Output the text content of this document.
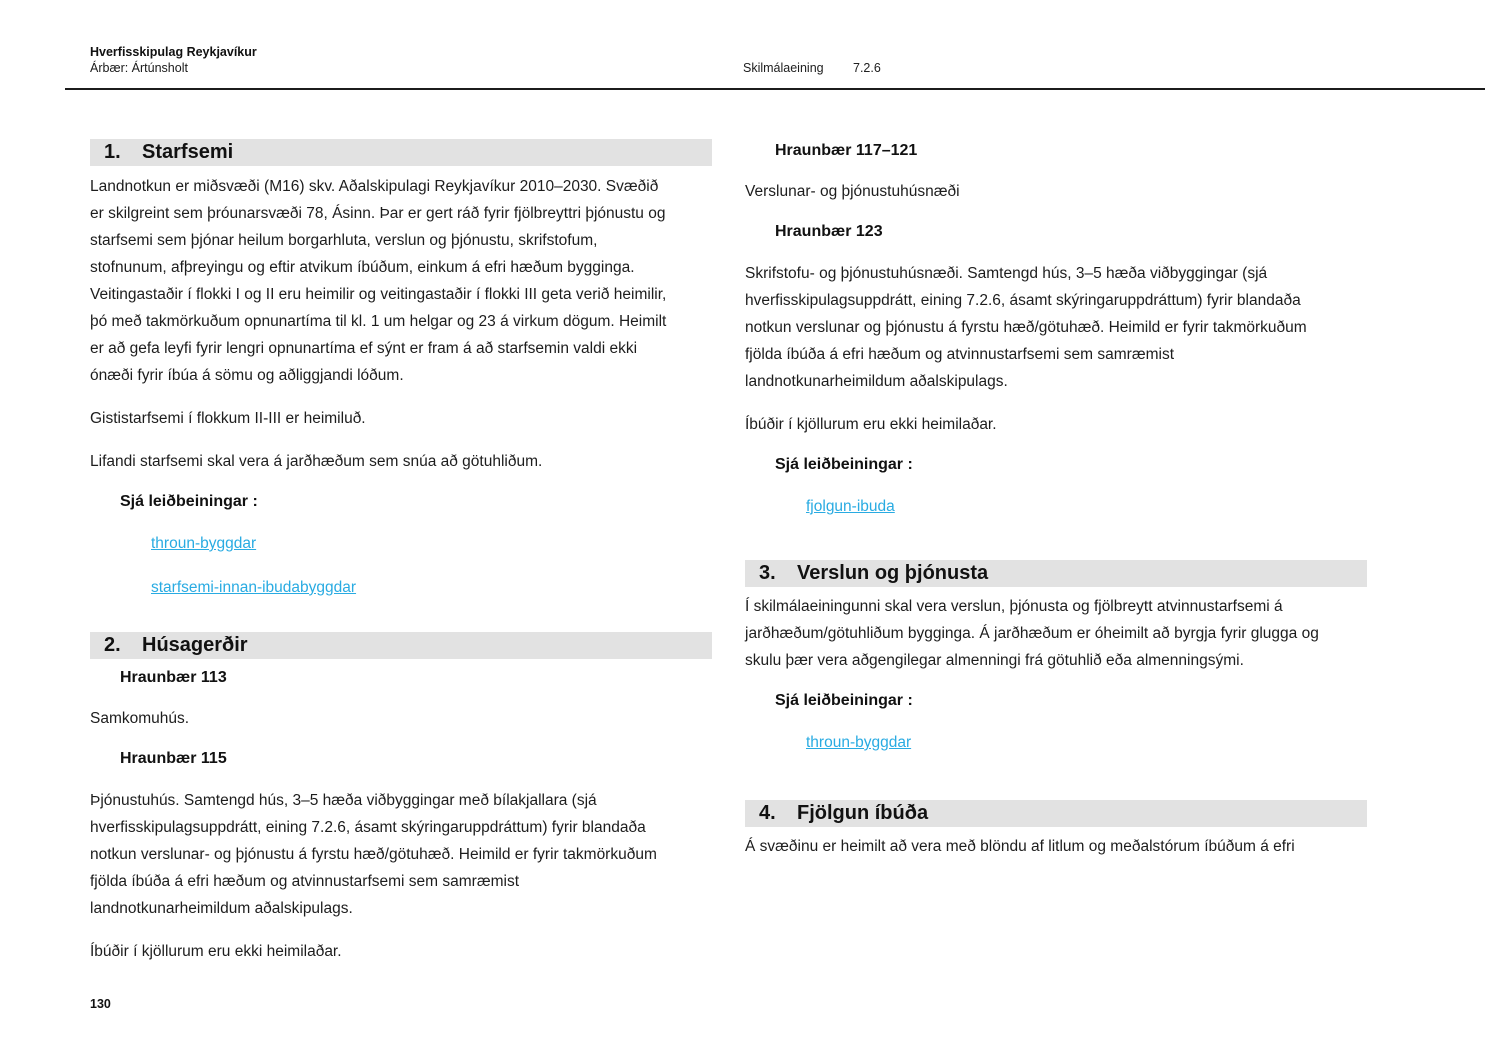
Hverfisskipulag Reykjavíkur
Árbær: Ártúnsholt	Skilmálaeining 7.2.6
1.	Starfsemi

Landnotkun er miðsvæði (M16) skv. Aðalskipulagi Reykjavíkur 2010–2030. Svæðið er skilgreint sem þróunarsvæði 78, Ásinn. Þar er gert ráð fyrir fjölbreyttri þjónustu og starfsemi sem þjónar heilum borgarhluta, verslun og þjónustu, skrifstofum, stofnunum, afþreyingu og eftir atvikum íbúðum, einkum á efri hæðum bygginga. Veitingastaðir í flokki I og II eru heimilir og veitingastaðir í flokki III geta verið heimilir, þó með takmörkuðum opnunartíma til kl. 1 um helgar og 23 á virkum dögum. Heimilt er að gefa leyfi fyrir lengri opnunartíma ef sýnt er fram á að starfsemin valdi ekki ónæði fyrir íbúa á sömu og aðliggjandi lóðum.

Gististarfsemi í flokkum II-III er heimiluð.

Lifandi starfsemi skal vera á jarðhæðum sem snúa að götuhliðum.

Sjá leiðbeiningar :
throun-byggdar
starfsemi-innan-ibudabyggdar
2.	Húsagerðir
Hraunbær 113

Samkomuhús.

Hraunbær 115

Þjónustuhús. Samtengd hús, 3–5 hæða viðbyggingar með bílakjallara (sjá hverfisskipulagsuppdrátt, eining 7.2.6, ásamt skýringaruppdráttum) fyrir blandaða notkun verslunar- og þjónustu á fyrstu hæð/götuhæð. Heimild er fyrir takmörkuðum fjölda íbúða á efri hæðum og atvinnustarfsemi sem samræmist landnotkunarheimildum aðalskipulags.

Íbúðir í kjöllurum eru ekki heimilaðar.

Hraunbær 117–121

Verslunar- og þjónustuhúsnæði

Hraunbær 123

Skrifstofu- og þjónustuhúsnæði. Samtengd hús, 3–5 hæða viðbyggingar (sjá hverfisskipulagsuppdrátt, eining 7.2.6, ásamt skýringaruppdráttum) fyrir blandaða notkun verslunar og þjónustu á fyrstu hæð/götuhæð. Heimild er fyrir takmörkuðum fjölda íbúða á efri hæðum og atvinnustarfsemi sem samræmist landnotkunarheimildum aðalskipulags.

Íbúðir í kjöllurum eru ekki heimilaðar.

Sjá leiðbeiningar :
fjolgun-ibuda
3.	Verslun og þjónusta

Í skilmálaeiningunni skal vera verslun, þjónusta og fjölbreytt atvinnustarfsemi á jarðhæðum/götuhliðum bygginga. Á jarðhæðum er óheimilt að byrgja fyrir glugga og skulu þær vera aðgengilegar almenningi frá götuhlið eða almenningsými.

Sjá leiðbeiningar :
throun-byggdar
4.	Fjölgun íbúða

Á svæðinu er heimilt að vera með blöndu af litlum og meðalstórum íbúðum á efri

130
